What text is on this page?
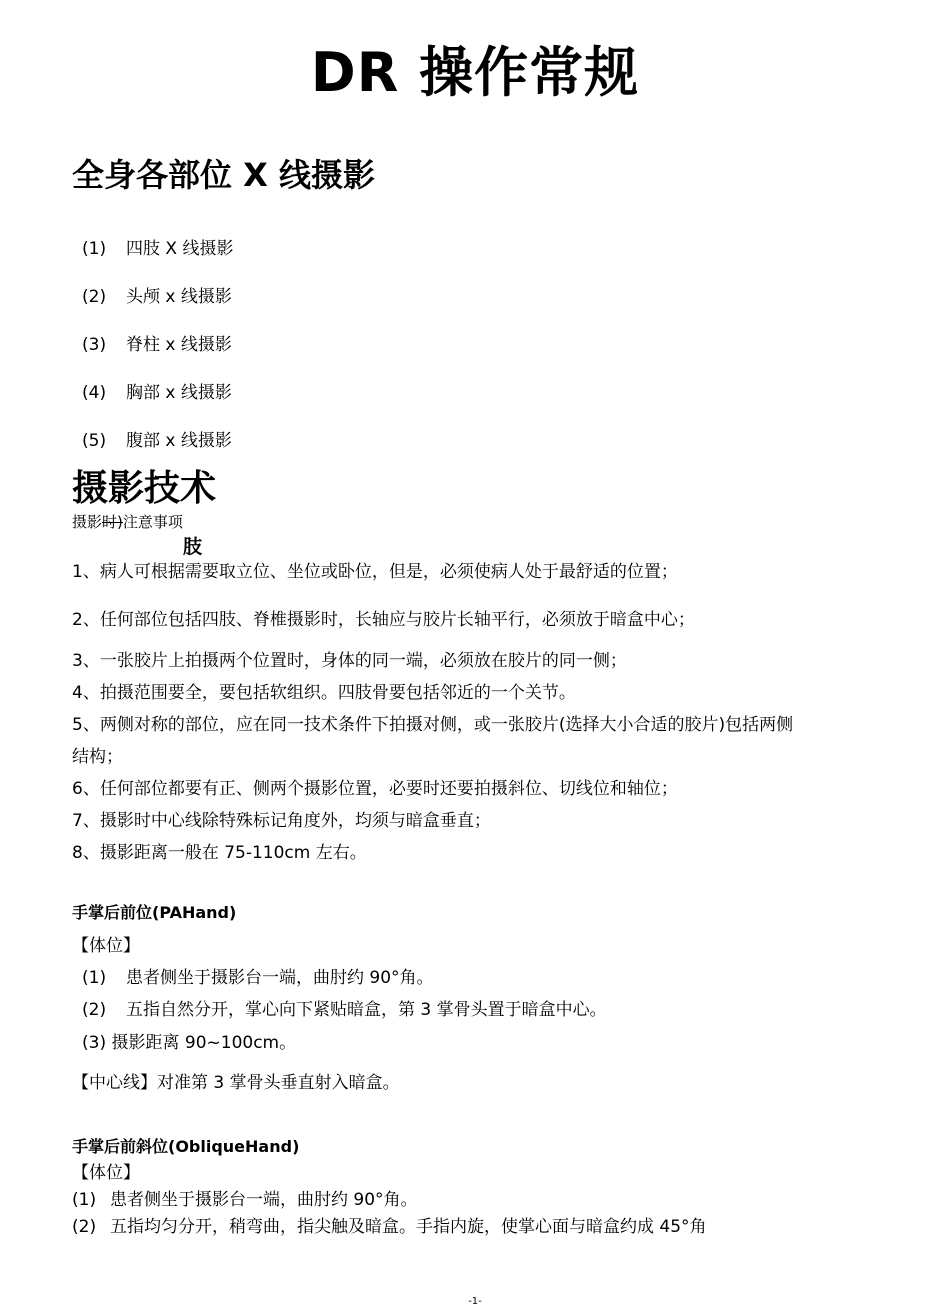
DR 操作常规
全身各部位 X 线摄影
(1) 四肢 X 线摄影
(2) 头颅 x 线摄影
(3) 脊柱 x 线摄影
(4) 胸部 x 线摄影
(5) 腹部 x 线摄影
摄影技术
摄影时)注意事项
肢
1、病人可根据需要取立位、坐位或卧位，但是，必须使病人处于最舒适的位置；
2、任何部位包括四肢、脊椎摄影时，长轴应与胶片长轴平行，必须放于暗盒中心；
3、一张胶片上拍摄两个位置时，身体的同一端，必须放在胶片的同一侧；
4、拍摄范围要全，要包括软组织。四肢骨要包括邻近的一个关节。
5、两侧对称的部位，应在同一技术条件下拍摄对侧，或一张胶片(选择大小合适的胶片)包括两侧
结构；
6、任何部位都要有正、侧两个摄影位置，必要时还要拍摄斜位、切线位和轴位；
7、摄影时中心线除特殊标记角度外，均须与暗盒垂直；
8、摄影距离一般在 75-110cm 左右。
手掌后前位(PAHand)
【体位】
(1) 患者侧坐于摄影台一端，曲肘约 90°角。
(2) 五指自然分开，掌心向下紧贴暗盒，第 3 掌骨头置于暗盒中心。
(3) 摄影距离 90~100cm。
【中心线】对准第 3 掌骨头垂直射入暗盒。
手掌后前斜位(ObliqueHand)
【体位】
(1) 患者侧坐于摄影台一端，曲肘约 90°角。
(2) 五指均匀分开，稍弯曲，指尖触及暗盒。手指内旋，使掌心面与暗盒约成 45°角
-1-
